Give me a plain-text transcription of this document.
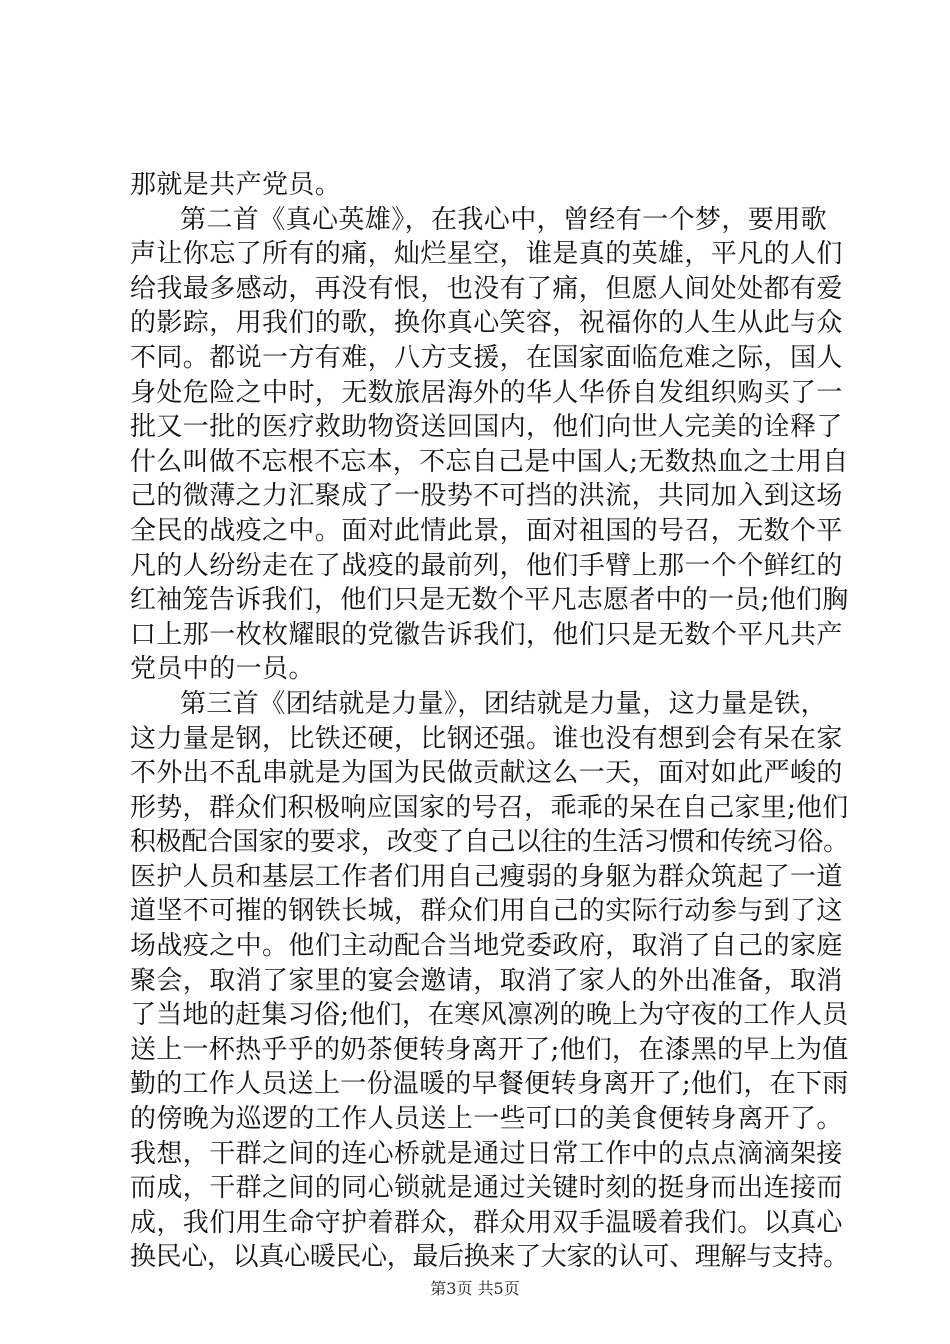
那就是共产党员。
第二首《真心英雄》，在我心中，曾经有一个梦，要用歌
声让你忘了所有的痛，灿烂星空，谁是真的英雄，平凡的人们
给我最多感动，再没有恨，也没有了痛，但愿人间处处都有爱
的影踪，用我们的歌，换你真心笑容，祝福你的人生从此与众
不同。都说一方有难，八方支援，在国家面临危难之际，国人
身处危险之中时，无数旅居海外的华人华侨自发组织购买了一
批又一批的医疗救助物资送回国内，他们向世人完美的诠释了
什么叫做不忘根不忘本，不忘自己是中国人;无数热血之士用自
己的微薄之力汇聚成了一股势不可挡的洪流，共同加入到这场
全民的战疫之中。面对此情此景，面对祖国的号召，无数个平
凡的人纷纷走在了战疫的最前列，他们手臂上那一个个鲜红的
红袖笼告诉我们，他们只是无数个平凡志愿者中的一员;他们胸
口上那一枚枚耀眼的党徽告诉我们，他们只是无数个平凡共产
党员中的一员。
第三首《团结就是力量》，团结就是力量，这力量是铁，
这力量是钢，比铁还硬，比钢还强。谁也没有想到会有呆在家
不外出不乱串就是为国为民做贡献这么一天，面对如此严峻的
形势，群众们积极响应国家的号召，乖乖的呆在自己家里;他们
积极配合国家的要求，改变了自己以往的生活习惯和传统习俗。
医护人员和基层工作者们用自己瘦弱的身躯为群众筑起了一道
道坚不可摧的钢铁长城，群众们用自己的实际行动参与到了这
场战疫之中。他们主动配合当地党委政府，取消了自己的家庭
聚会，取消了家里的宴会邀请，取消了家人的外出准备，取消
了当地的赶集习俗;他们，在寒风凛冽的晚上为守夜的工作人员
送上一杯热乎乎的奶茶便转身离开了;他们，在漆黑的早上为值
勤的工作人员送上一份温暖的早餐便转身离开了;他们，在下雨
的傍晚为巡逻的工作人员送上一些可口的美食便转身离开了。
我想，干群之间的连心桥就是通过日常工作中的点点滴滴架接
而成，干群之间的同心锁就是通过关键时刻的挺身而出连接而
成，我们用生命守护着群众，群众用双手温暖着我们。以真心
换民心，以真心暖民心，最后换来了大家的认可、理解与支持。
第3页 共5页
